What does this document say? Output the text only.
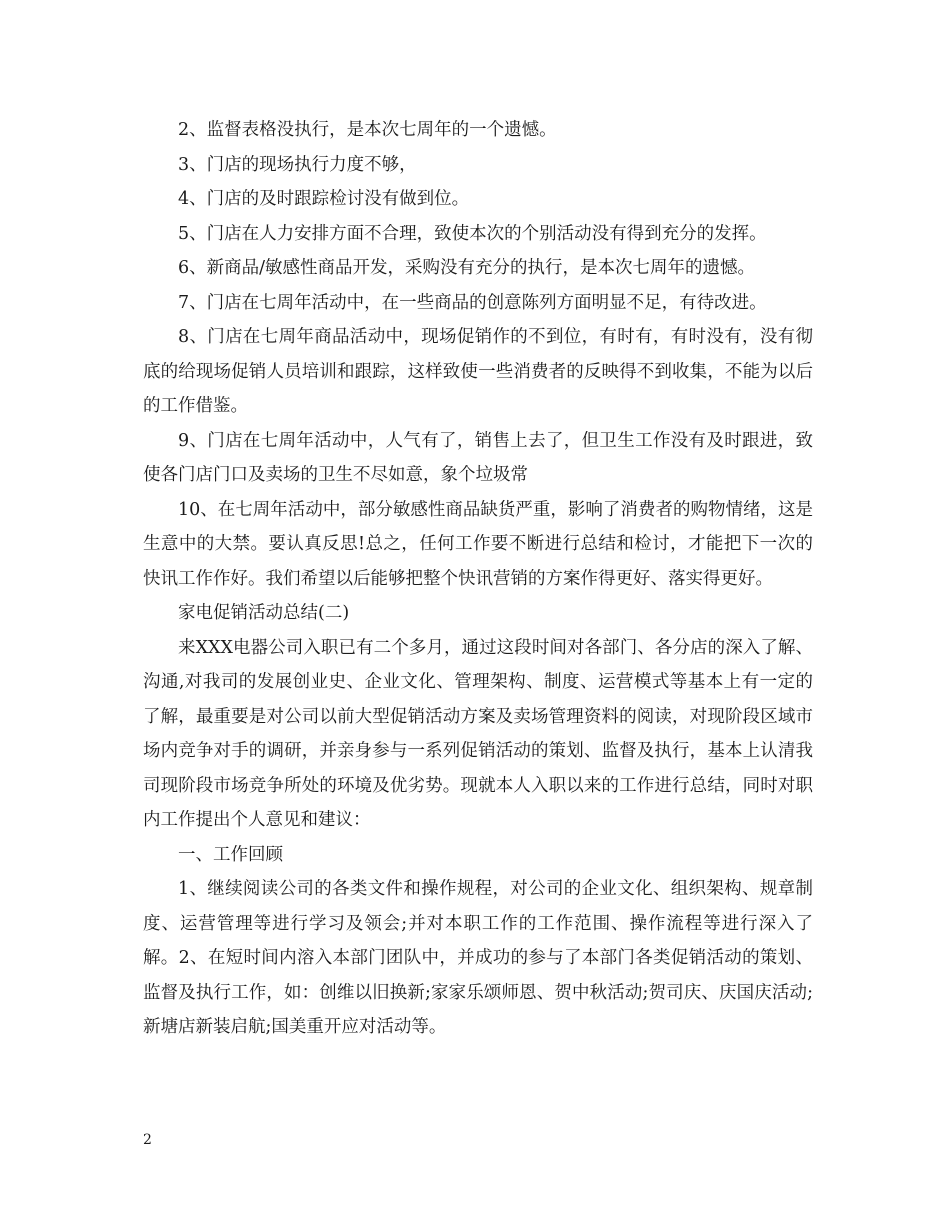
2、监督表格没执行，是本次七周年的一个遗憾。

3、门店的现场执行力度不够，

4、门店的及时跟踪检讨没有做到位。

5、门店在人力安排方面不合理，致使本次的个别活动没有得到充分的发挥。

6、新商品/敏感性商品开发，采购没有充分的执行，是本次七周年的遗憾。

7、门店在七周年活动中，在一些商品的创意陈列方面明显不足，有待改进。

8、门店在七周年商品活动中，现场促销作的不到位，有时有，有时没有，没有彻底的给现场促销人员培训和跟踪，这样致使一些消费者的反映得不到收集，不能为以后的工作借鉴。

9、门店在七周年活动中，人气有了，销售上去了，但卫生工作没有及时跟进，致使各门店门口及卖场的卫生不尽如意，象个垃圾常

10、在七周年活动中，部分敏感性商品缺货严重，影响了消费者的购物情绪，这是生意中的大禁。要认真反思!总之，任何工作要不断进行总结和检讨，才能把下一次的快讯工作作好。我们希望以后能够把整个快讯营销的方案作得更好、落实得更好。

家电促销活动总结(二)

来XXX电器公司入职已有二个多月，通过这段时间对各部门、各分店的深入了解、沟通,对我司的发展创业史、企业文化、管理架构、制度、运营模式等基本上有一定的了解，最重要是对公司以前大型促销活动方案及卖场管理资料的阅读，对现阶段区域市场内竞争对手的调研，并亲身参与一系列促销活动的策划、监督及执行，基本上认清我司现阶段市场竞争所处的环境及优劣势。现就本人入职以来的工作进行总结，同时对职内工作提出个人意见和建议：

一、工作回顾

1、继续阅读公司的各类文件和操作规程，对公司的企业文化、组织架构、规章制度、运营管理等进行学习及领会;并对本职工作的工作范围、操作流程等进行深入了解。2、在短时间内溶入本部门团队中，并成功的参与了本部门各类促销活动的策划、监督及执行工作，如：创维以旧换新;家家乐颂师恩、贺中秋活动;贺司庆、庆国庆活动;新塘店新装启航;国美重开应对活动等。

2
